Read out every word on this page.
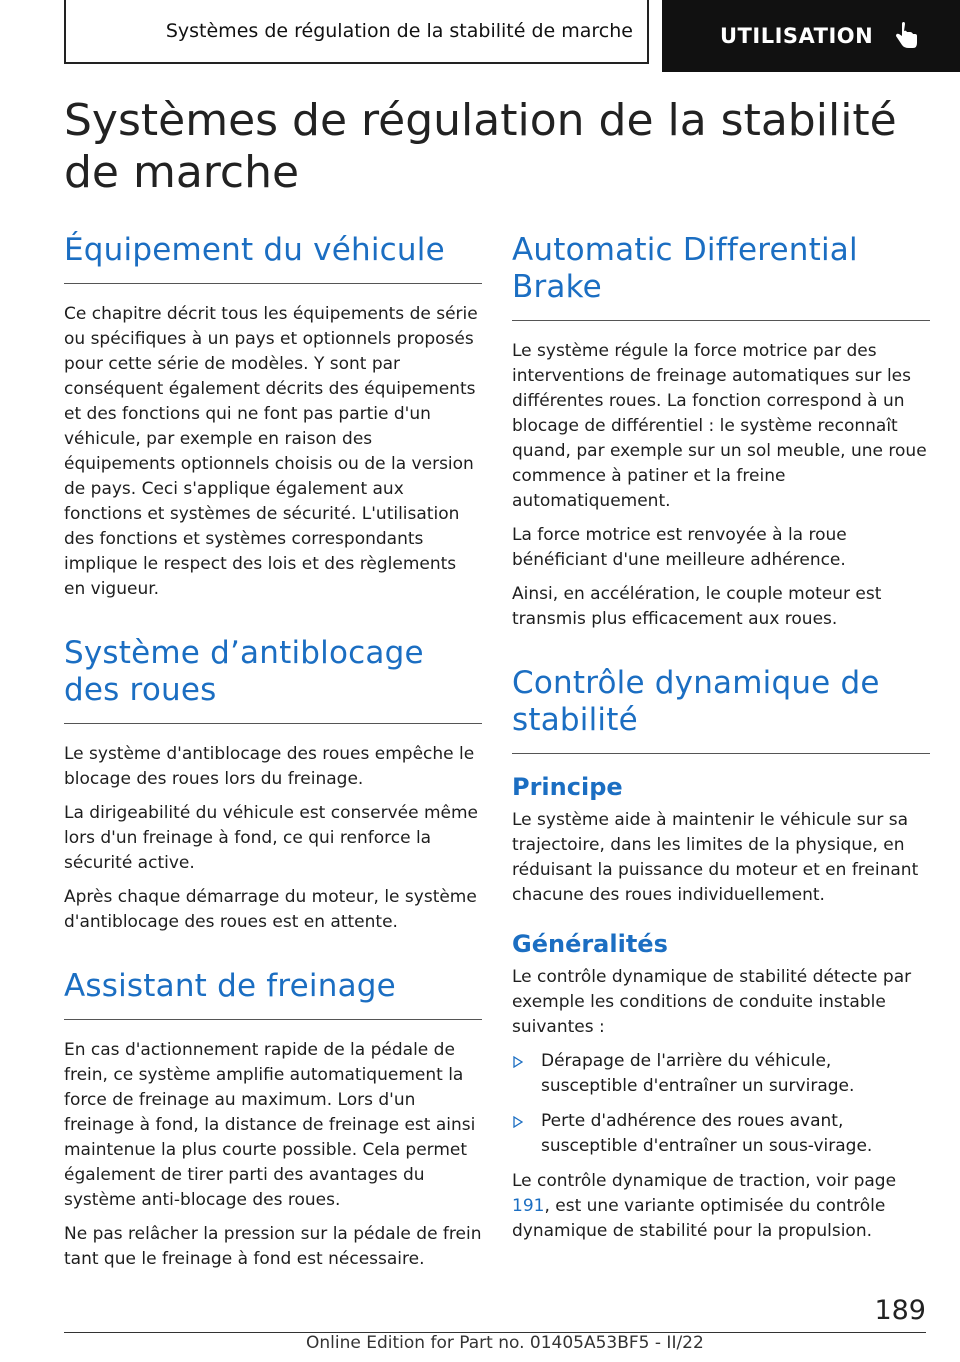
Systèmes de régulation de la stabilité de marche	UTILISATION
Systèmes de régulation de la stabilité de marche
Équipement du véhicule

Ce chapitre décrit tous les équipements de série ou spécifiques à un pays et optionnels proposés pour cette série de modèles. Y sont par conséquent également décrits des équipements et des fonctions qui ne font pas partie d'un véhicule, par exemple en raison des équipements optionnels choisis ou de la version de pays. Ceci s'applique également aux fonctions et systèmes de sécurité. L'utilisation des fonctions et systèmes correspondants implique le respect des lois et des règlements en vigueur.

Système d’antiblocage des roues

Le système d'antiblocage des roues empêche le blocage des roues lors du freinage.

La dirigeabilité du véhicule est conservée même lors d'un freinage à fond, ce qui renforce la sécurité active.

Après chaque démarrage du moteur, le système d'antiblocage des roues est en attente.

Assistant de freinage

En cas d'actionnement rapide de la pédale de frein, ce système amplifie automatiquement la force de freinage au maximum. Lors d'un freinage à fond, la distance de freinage est ainsi maintenue la plus courte possible. Cela permet également de tirer parti des avantages du système anti-blocage des roues.

Ne pas relâcher la pression sur la pédale de frein tant que le freinage à fond est nécessaire.

Automatic Differential Brake

Le système régule la force motrice par des interventions de freinage automatiques sur les différentes roues. La fonction correspond à un blocage de différentiel : le système reconnaît quand, par exemple sur un sol meuble, une roue commence à patiner et la freine automatiquement.

La force motrice est renvoyée à la roue bénéficiant d'une meilleure adhérence.

Ainsi, en accélération, le couple moteur est transmis plus efficacement aux roues.

Contrôle dynamique de stabilité
Principe

Le système aide à maintenir le véhicule sur sa trajectoire, dans les limites de la physique, en réduisant la puissance du moteur et en freinant chacune des roues individuellement.

Généralités

Le contrôle dynamique de stabilité détecte par exemple les conditions de conduite instable suivantes :

Dérapage de l'arrière du véhicule, susceptible d'entraîner un survirage.
Perte d'adhérence des roues avant, susceptible d'entraîner un sous-virage.

Le contrôle dynamique de traction, voir page 191, est une variante optimisée du contrôle dynamique de stabilité pour la propulsion.

189
Online Edition for Part no. 01405A53BF5 - II/22
